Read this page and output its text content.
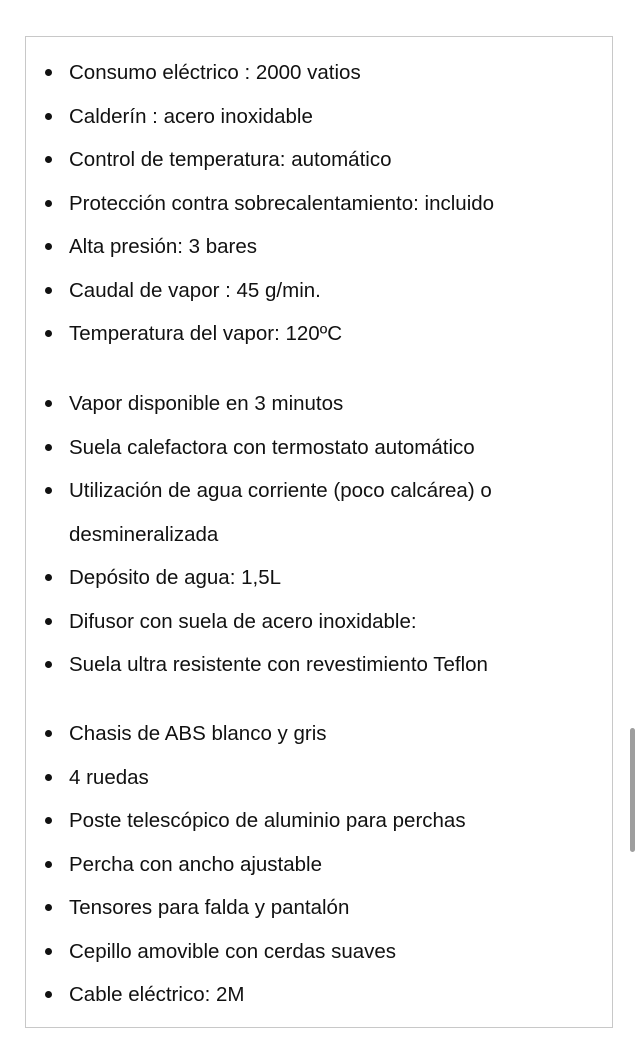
Consumo eléctrico : 2000 vatios
Calderín : acero inoxidable
Control de temperatura: automático
Protección contra sobrecalentamiento: incluido
Alta presión: 3 bares
Caudal de vapor : 45 g/min.
Temperatura del vapor: 120ºC
Vapor disponible en 3 minutos
Suela calefactora con termostato automático
Utilización de agua corriente (poco calcárea) o desmineralizada
Depósito de agua: 1,5L
Difusor con suela de acero inoxidable:
Suela ultra resistente con revestimiento Teflon
Chasis de ABS blanco y gris
4 ruedas
Poste telescópico de aluminio para perchas
Percha con ancho ajustable
Tensores para falda y pantalón
Cepillo amovible con cerdas suaves
Cable eléctrico: 2M
